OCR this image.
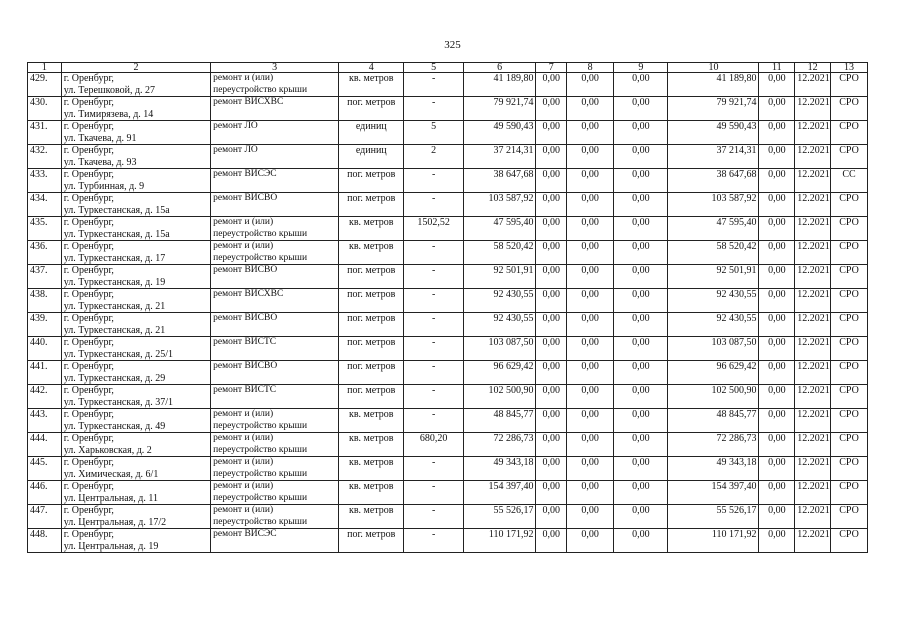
325
1	2	3	4	5	6	7	8	9	10	11	12	13

429.	г. Оренбург,
ул. Терешковой, д. 27	ремонт и (или)
переустройство крыши	кв. метров	-	41 189,80	0,00	0,00	0,00	41 189,80	0,00	12.2021	СРО

430.	г. Оренбург,
ул. Тимирязева, д. 14	ремонт ВИСХВС	пог. метров	-	79 921,74	0,00	0,00	0,00	79 921,74	0,00	12.2021	СРО

431.	г. Оренбург,
ул. Ткачева, д. 91	ремонт ЛО	единиц	5	49 590,43	0,00	0,00	0,00	49 590,43	0,00	12.2021	СРО

432.	г. Оренбург,
ул. Ткачева, д. 93	ремонт ЛО	единиц	2	37 214,31	0,00	0,00	0,00	37 214,31	0,00	12.2021	СРО

433.	г. Оренбург,
ул. Турбинная, д. 9	ремонт ВИСЭС	пог. метров	-	38 647,68	0,00	0,00	0,00	38 647,68	0,00	12.2021	СС

434.	г. Оренбург,
ул. Туркестанская, д. 15а	ремонт ВИСВО	пог. метров	-	103 587,92	0,00	0,00	0,00	103 587,92	0,00	12.2021	СРО

435.	г. Оренбург,
ул. Туркестанская, д. 15а	ремонт и (или)
переустройство крыши	кв. метров	1502,52	47 595,40	0,00	0,00	0,00	47 595,40	0,00	12.2021	СРО

436.	г. Оренбург,
ул. Туркестанская, д. 17	ремонт и (или)
переустройство крыши	кв. метров	-	58 520,42	0,00	0,00	0,00	58 520,42	0,00	12.2021	СРО

437.	г. Оренбург,
ул. Туркестанская, д. 19	ремонт ВИСВО	пог. метров	-	92 501,91	0,00	0,00	0,00	92 501,91	0,00	12.2021	СРО

438.	г. Оренбург,
ул. Туркестанская, д. 21	ремонт ВИСХВС	пог. метров	-	92 430,55	0,00	0,00	0,00	92 430,55	0,00	12.2021	СРО

439.	г. Оренбург,
ул. Туркестанская, д. 21	ремонт ВИСВО	пог. метров	-	92 430,55	0,00	0,00	0,00	92 430,55	0,00	12.2021	СРО

440.	г. Оренбург,
ул. Туркестанская, д. 25/1	ремонт ВИСТС	пог. метров	-	103 087,50	0,00	0,00	0,00	103 087,50	0,00	12.2021	СРО

441.	г. Оренбург,
ул. Туркестанская, д. 29	ремонт ВИСВО	пог. метров	-	96 629,42	0,00	0,00	0,00	96 629,42	0,00	12.2021	СРО

442.	г. Оренбург,
ул. Туркестанская, д. 37/1	ремонт ВИСТС	пог. метров	-	102 500,90	0,00	0,00	0,00	102 500,90	0,00	12.2021	СРО

443.	г. Оренбург,
ул. Туркестанская, д. 49	ремонт и (или)
переустройство крыши	кв. метров	-	48 845,77	0,00	0,00	0,00	48 845,77	0,00	12.2021	СРО

444.	г. Оренбург,
ул. Харьковская, д. 2	ремонт и (или)
переустройство крыши	кв. метров	680,20	72 286,73	0,00	0,00	0,00	72 286,73	0,00	12.2021	СРО

445.	г. Оренбург,
ул. Химическая, д. 6/1	ремонт и (или)
переустройство крыши	кв. метров	-	49 343,18	0,00	0,00	0,00	49 343,18	0,00	12.2021	СРО

446.	г. Оренбург,
ул. Центральная, д. 11	ремонт и (или)
переустройство крыши	кв. метров	-	154 397,40	0,00	0,00	0,00	154 397,40	0,00	12.2021	СРО

447.	г. Оренбург,
ул. Центральная, д. 17/2	ремонт и (или)
переустройство крыши	кв. метров	-	55 526,17	0,00	0,00	0,00	55 526,17	0,00	12.2021	СРО

448.	г. Оренбург,
ул. Центральная, д. 19	ремонт ВИСЭС	пог. метров	-	110 171,92	0,00	0,00	0,00	110 171,92	0,00	12.2021	СРО
